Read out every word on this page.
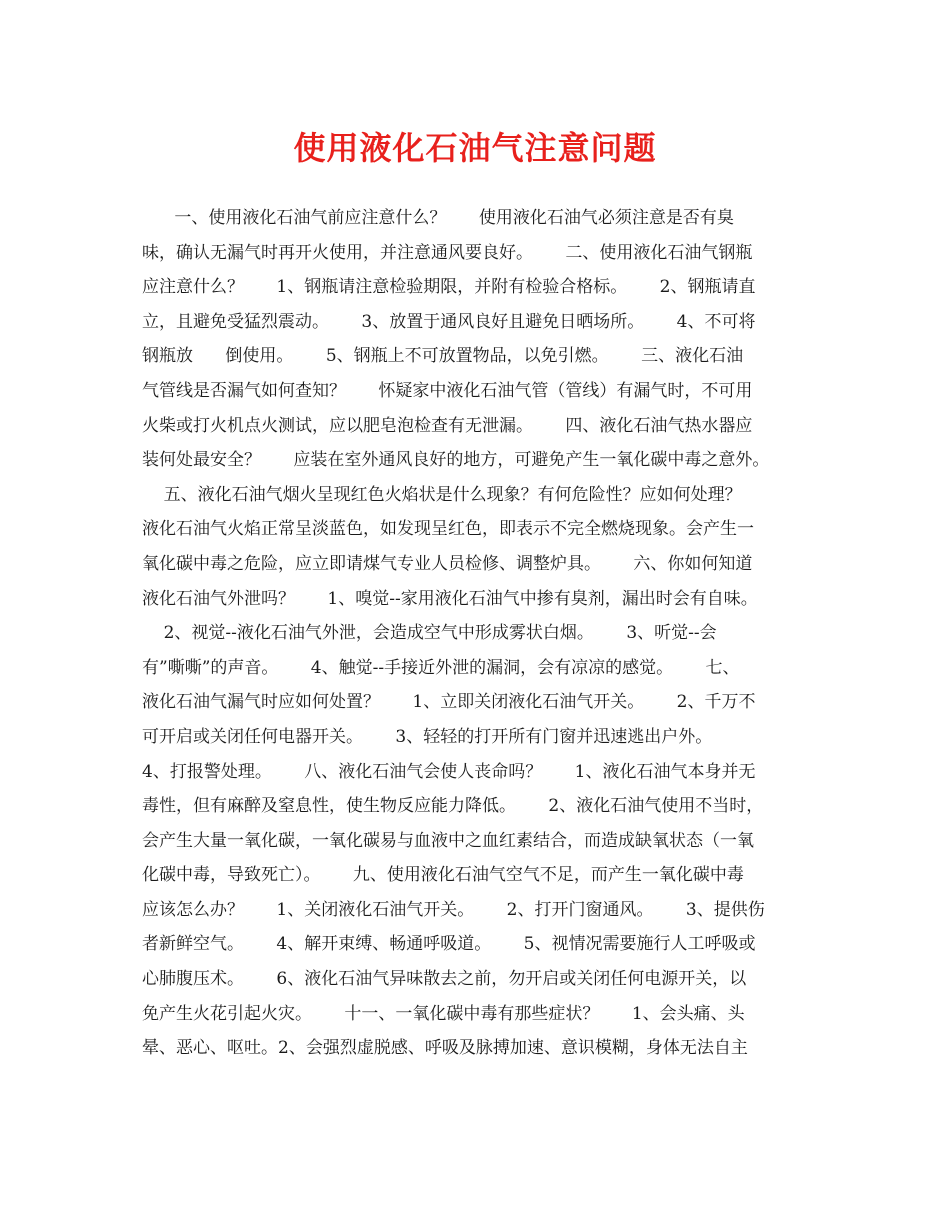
使用液化石油气注意问题
一、使用液化石油气前应注意什么？      使用液化石油气必须注意是否有臭
味，确认无漏气时再开火使用，并注意通风要良好。      二、使用液化石油气钢瓶
应注意什么？      1、钢瓶请注意检验期限，并附有检验合格标。      2、钢瓶请直
立，且避免受猛烈震动。      3、放置于通风良好且避免日晒场所。      4、不可将
钢瓶放      倒使用。      5、钢瓶上不可放置物品，以免引燃。      三、液化石油
气管线是否漏气如何查知？      怀疑家中液化石油气管（管线）有漏气时，不可用
火柴或打火机点火测试，应以肥皂泡检查有无泄漏。      四、液化石油气热水器应
装何处最安全？      应装在室外通风良好的地方，可避免产生一氧化碳中毒之意外。
五、液化石油气烟火呈现红色火焰状是什么现象？有何危险性？应如何处理？
液化石油气火焰正常呈淡蓝色，如发现呈红色，即表示不完全燃烧现象。会产生一
氧化碳中毒之危险，应立即请煤气专业人员检修、调整炉具。      六、你如何知道
液化石油气外泄吗？      1、嗅觉--家用液化石油气中掺有臭剂，漏出时会有自味。
2、视觉--液化石油气外泄，会造成空气中形成雾状白烟。      3、听觉--会
有”嘶嘶”的声音。      4、触觉--手接近外泄的漏洞，会有凉凉的感觉。      七、
液化石油气漏气时应如何处置？      1、立即关闭液化石油气开关。      2、千万不
可开启或关闭任何电器开关。      3、轻轻的打开所有门窗并迅速逃出户外。
4、打报警处理。      八、液化石油气会使人丧命吗？      1、液化石油气本身并无
毒性，但有麻醉及窒息性，使生物反应能力降低。      2、液化石油气使用不当时，
会产生大量一氧化碳，一氧化碳易与血液中之血红素结合，而造成缺氧状态（一氧
化碳中毒，导致死亡）。      九、使用液化石油气空气不足，而产生一氧化碳中毒
应该怎么办？      1、关闭液化石油气开关。      2、打开门窗通风。      3、提供伤
者新鲜空气。      4、解开束缚、畅通呼吸道。      5、视情况需要施行人工呼吸或
心肺腹压术。      6、液化石油气异味散去之前，勿开启或关闭任何电源开关，以
免产生火花引起火灾。      十一、一氧化碳中毒有那些症状？      1、会头痛、头
晕、恶心、呕吐。2、会强烈虚脱感、呼吸及脉搏加速、意识模糊，身体无法自主
